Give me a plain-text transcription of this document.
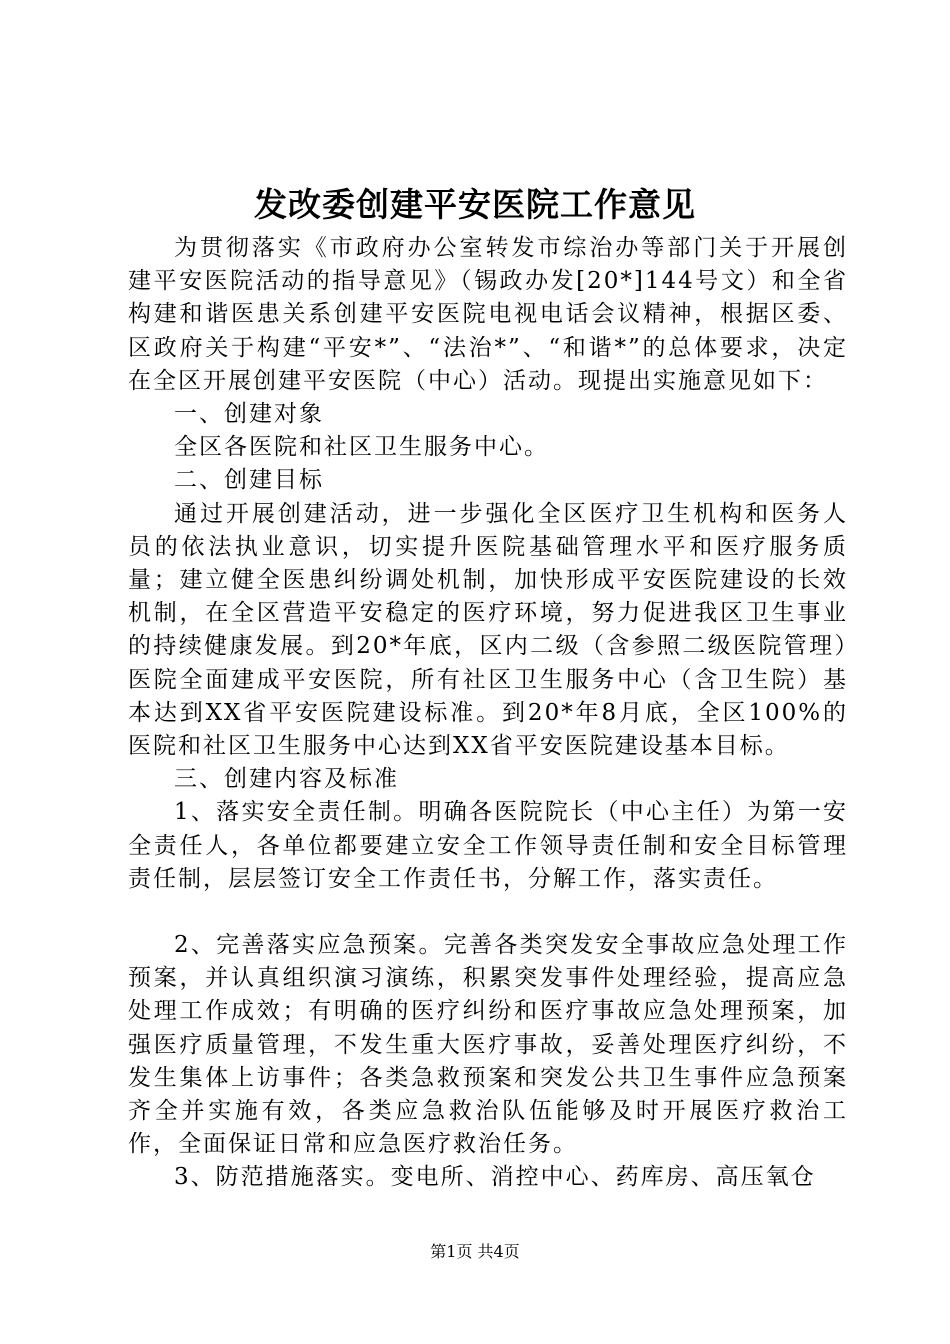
发改委创建平安医院工作意见

为贯彻落实《市政府办公室转发市综治办等部门关于开展创建平安医院活动的指导意见》（锡政办发[20*]144号文）和全省构建和谐医患关系创建平安医院电视电话会议精神，根据区委、区政府关于构建“平安*”、“法治*”、“和谐*”的总体要求，决定在全区开展创建平安医院（中心）活动。现提出实施意见如下：

一、创建对象

全区各医院和社区卫生服务中心。

二、创建目标

通过开展创建活动，进一步强化全区医疗卫生机构和医务人员的依法执业意识，切实提升医院基础管理水平和医疗服务质量；建立健全医患纠纷调处机制，加快形成平安医院建设的长效机制，在全区营造平安稳定的医疗环境，努力促进我区卫生事业的持续健康发展。到20*年底，区内二级（含参照二级医院管理）医院全面建成平安医院，所有社区卫生服务中心（含卫生院）基本达到XX省平安医院建设标准。到20*年8月底，全区100%的医院和社区卫生服务中心达到XX省平安医院建设基本目标。

三、创建内容及标准

1、落实安全责任制。明确各医院院长（中心主任）为第一安全责任人，各单位都要建立安全工作领导责任制和安全目标管理责任制，层层签订安全工作责任书，分解工作，落实责任。

2、完善落实应急预案。完善各类突发安全事故应急处理工作预案，并认真组织演习演练，积累突发事件处理经验，提高应急处理工作成效；有明确的医疗纠纷和医疗事故应急处理预案，加强医疗质量管理，不发生重大医疗事故，妥善处理医疗纠纷，不发生集体上访事件；各类急救预案和突发公共卫生事件应急预案齐全并实施有效，各类应急救治队伍能够及时开展医疗救治工作，全面保证日常和应急医疗救治任务。

3、防范措施落实。变电所、消控中心、药库房、高压氧仓

第1页 共4页
